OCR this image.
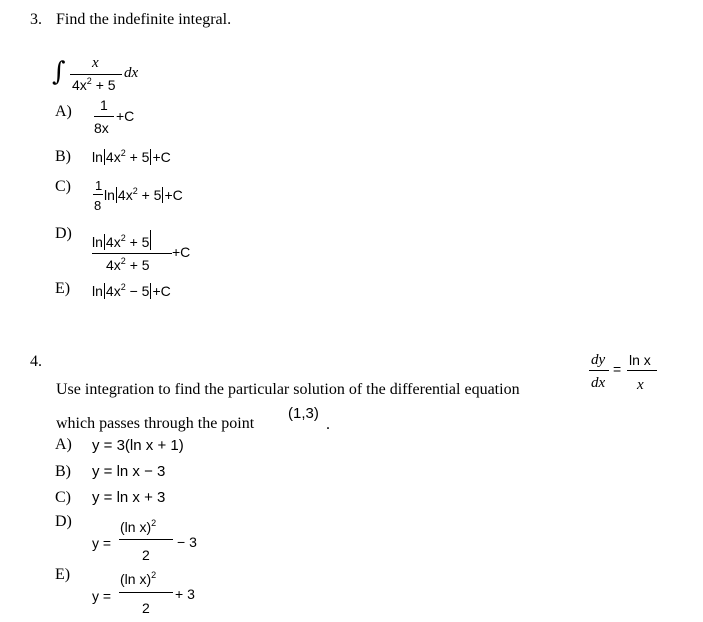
3. Find the indefinite integral.
∫ x
$4x^2 + 5$
dx
A) 1
8x
+C
B) $\ln 4x^2 + 5 +C$
C) 1
8
$\ln 4x^2 + 5 +C$
D) $\ln 4x^2 + 5$
$4x^2 + 5$
+C
E) $\ln 4x^2 - 5 +C$
4.	dy
dx
=
ln x
x
Use integration to find the particular solution of the differential equation
which passes through the point
(1,3)
.
A) y = 3(ln x + 1)
B) y = ln x − 3
C) y = ln x + 3
D)
y =
(ln x)$^2$
2
− 3
E)
y =
(ln x)$^2$
2
+ 3
